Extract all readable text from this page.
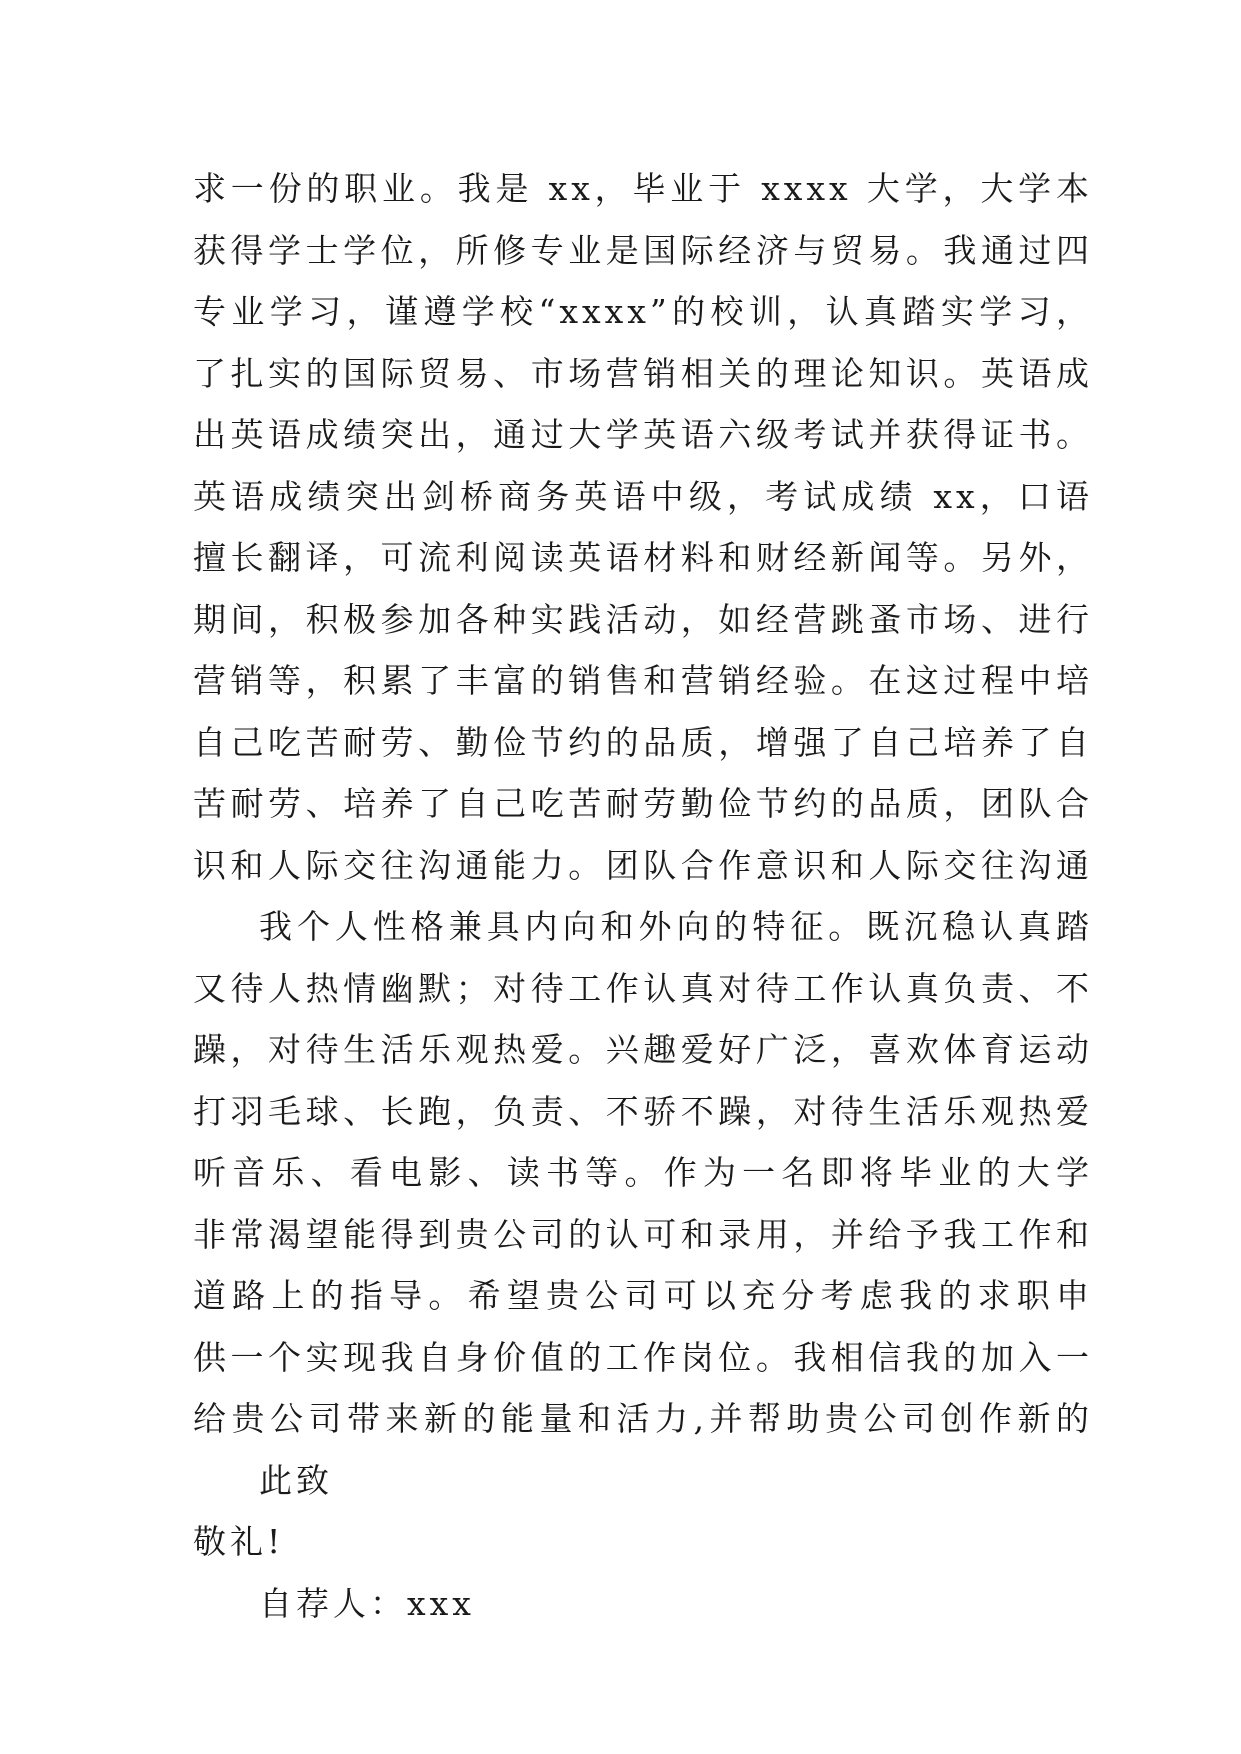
求一份的职业。我是 xx，毕业于 xxxx 大学，大学本
获得学士学位，所修专业是国际经济与贸易。我通过四
专业学习，谨遵学校“xxxx”的校训，认真踏实学习，
了扎实的国际贸易、市场营销相关的理论知识。英语成
出英语成绩突出，通过大学英语六级考试并获得证书。
英语成绩突出剑桥商务英语中级，考试成绩 xx，口语
擅长翻译，可流利阅读英语材料和财经新闻等。另外，
期间，积极参加各种实践活动，如经营跳蚤市场、进行
营销等，积累了丰富的销售和营销经验。在这过程中培
自己吃苦耐劳、勤俭节约的品质，增强了自己培养了自
苦耐劳、培养了自己吃苦耐劳勤俭节约的品质，团队合
识和人际交往沟通能力。团队合作意识和人际交往沟通
我个人性格兼具内向和外向的特征。既沉稳认真踏
又待人热情幽默；对待工作认真对待工作认真负责、不
躁，对待生活乐观热爱。兴趣爱好广泛，喜欢体育运动
打羽毛球、长跑，负责、不骄不躁，对待生活乐观热爱
听音乐、看电影、读书等。作为一名即将毕业的大学
非常渴望能得到贵公司的认可和录用，并给予我工作和
道路上的指导。希望贵公司可以充分考虑我的求职申
供一个实现我自身价值的工作岗位。我相信我的加入一
给贵公司带来新的能量和活力,并帮助贵公司创作新的
此致
敬礼!
自荐人：xxx
